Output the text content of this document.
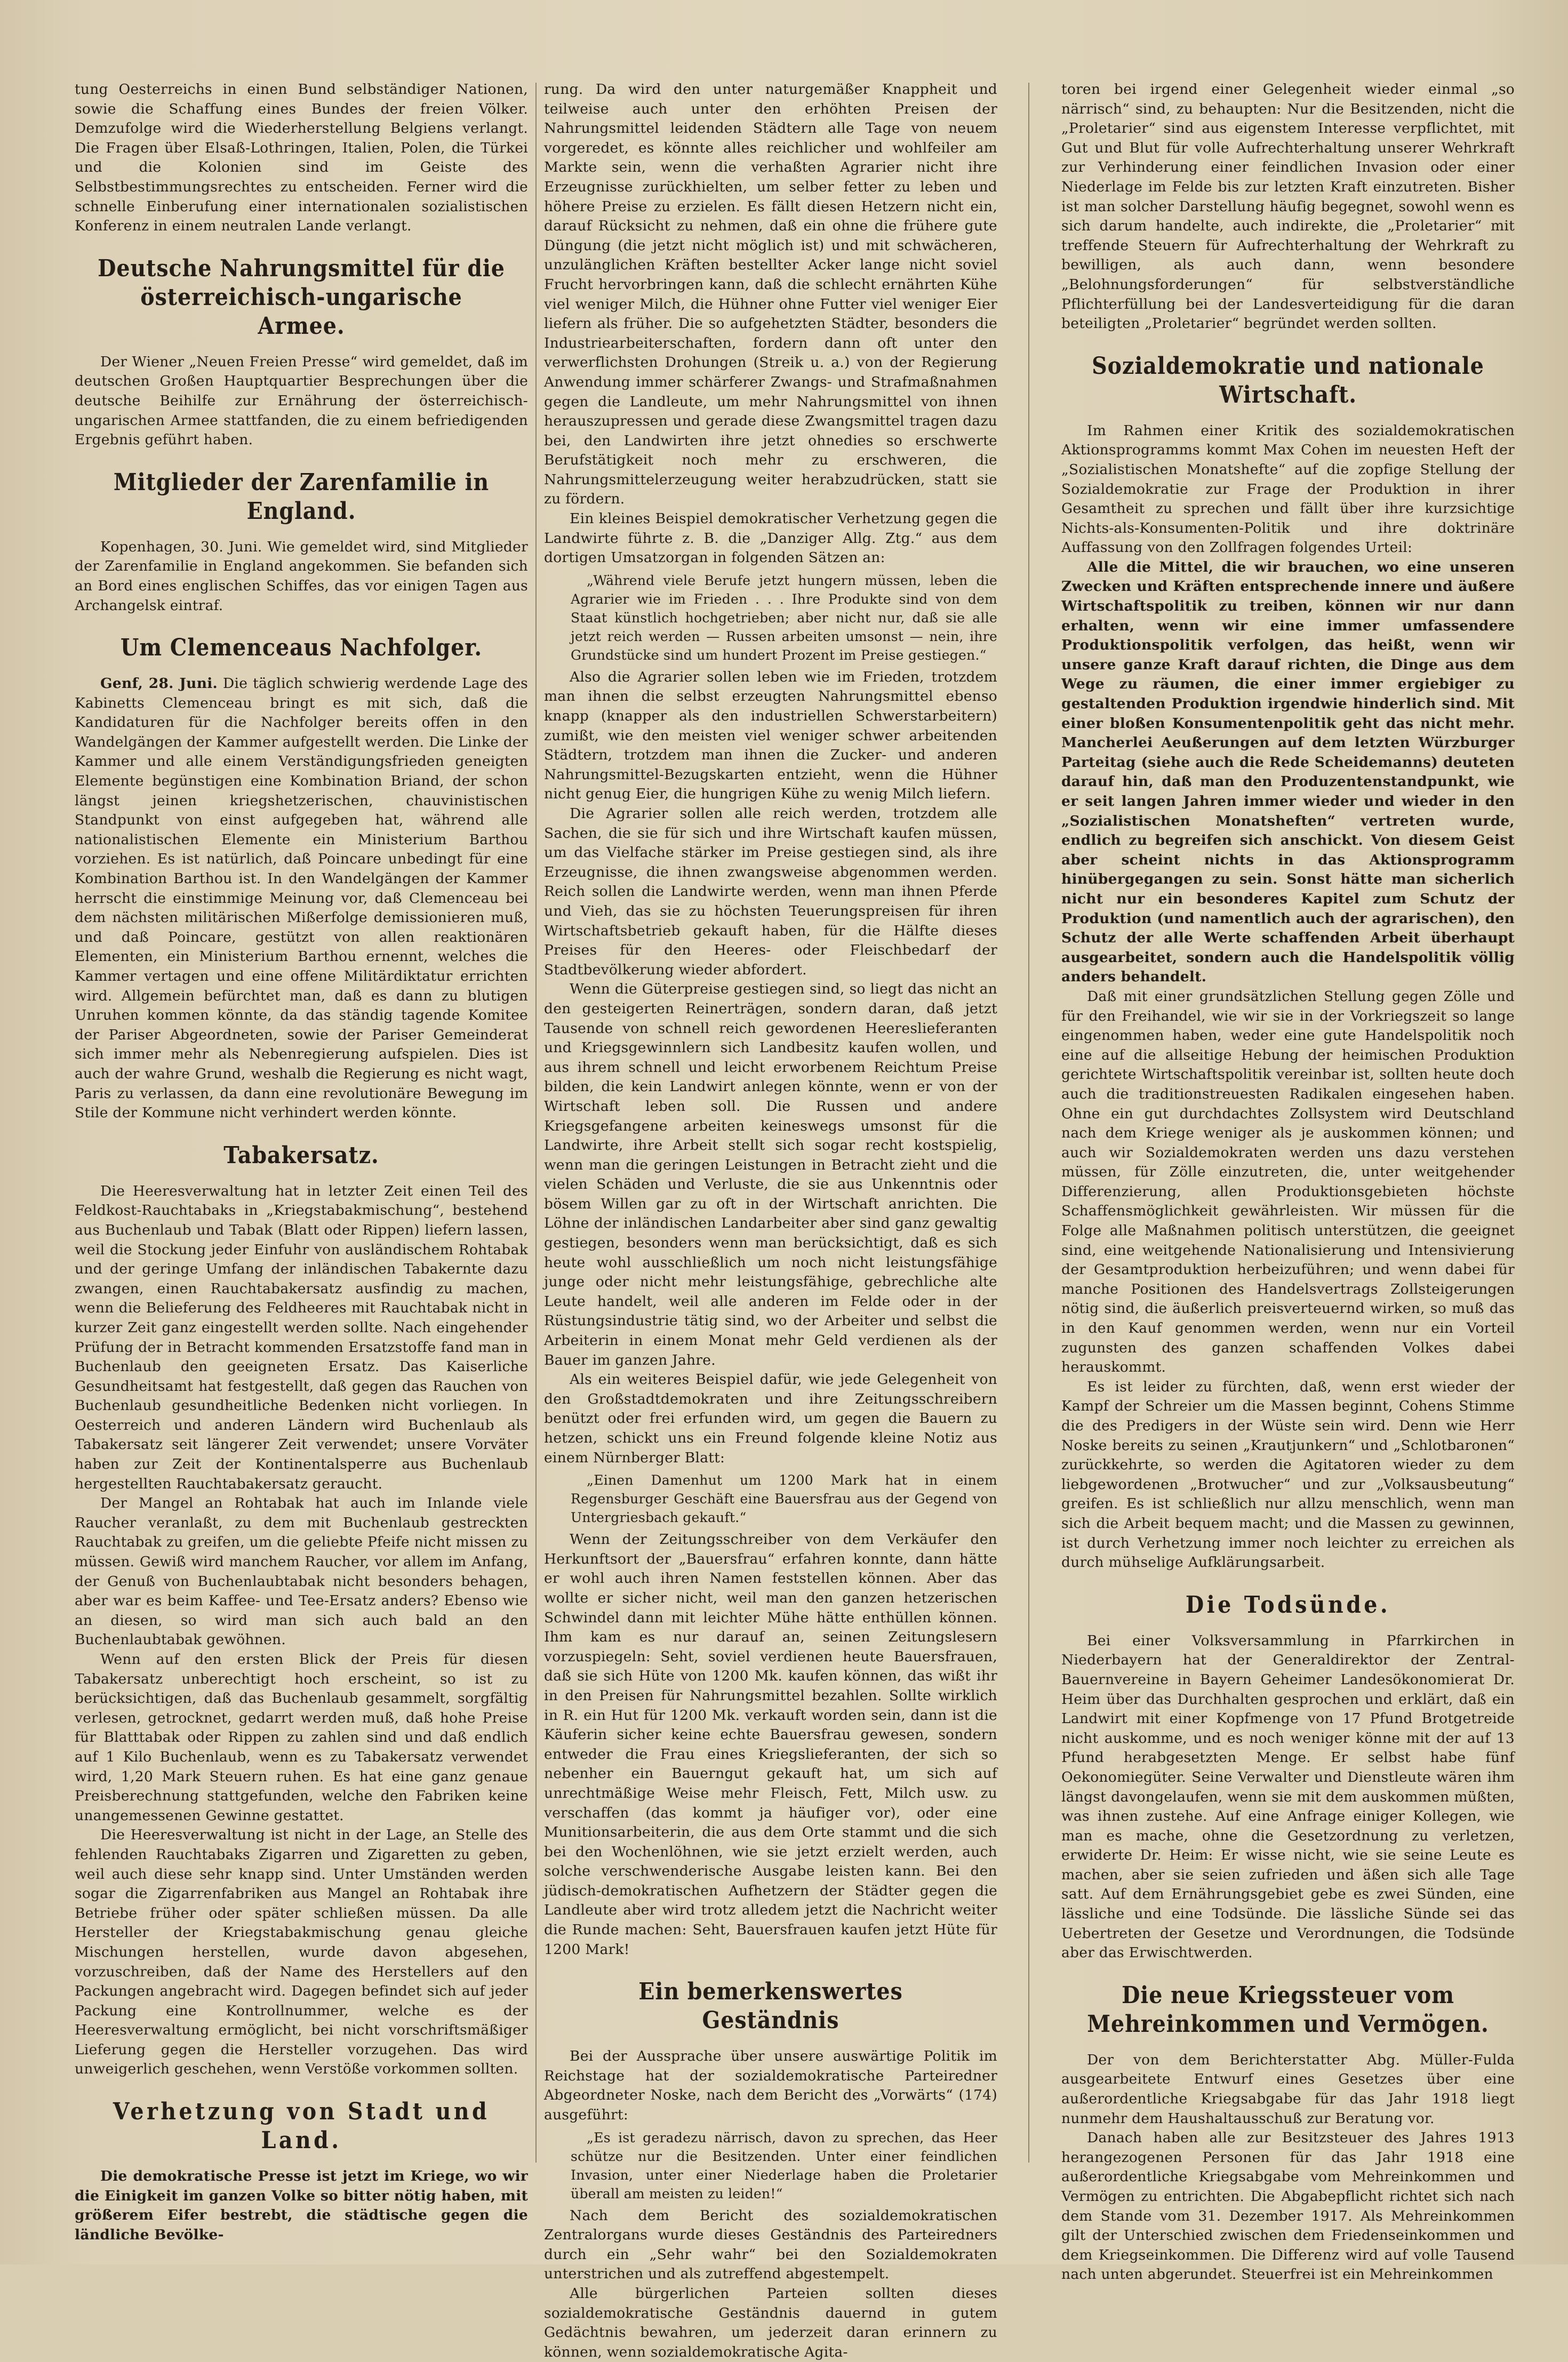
tung Oesterreichs in einen Bund selbständiger Nationen, sowie die Schaffung eines Bundes der freien Völker. Demzufolge wird die Wiederherstellung Belgiens verlangt. Die Fragen über Elsaß-Lothringen, Italien, Polen, die Türkei und die Kolonien sind im Geiste des Selbstbestimmungsrechtes zu entscheiden. Ferner wird die schnelle Einberufung einer internationalen sozialistischen Konferenz in einem neutralen Lande verlangt.

Deutsche Nahrungsmittel für die österreichisch-ungarische Armee.

Der Wiener „Neuen Freien Presse“ wird gemeldet, daß im deutschen Großen Hauptquartier Besprechungen über die deutsche Beihilfe zur Ernährung der österreichisch-ungarischen Armee stattfanden, die zu einem befriedigenden Ergebnis geführt haben.

Mitglieder der Zarenfamilie in England.

Kopenhagen, 30. Juni. Wie gemeldet wird, sind Mitglieder der Zarenfamilie in England angekommen. Sie befanden sich an Bord eines englischen Schiffes, das vor einigen Tagen aus Archangelsk eintraf.

Um Clemenceaus Nachfolger.

Genf, 28. Juni. Die täglich schwierig werdende Lage des Kabinetts Clemenceau bringt es mit sich, daß die Kandidaturen für die Nachfolger bereits offen in den Wandelgängen der Kammer aufgestellt werden. Die Linke der Kammer und alle einem Verständigungsfrieden geneigten Elemente begünstigen eine Kombination Briand, der schon längst jeinen kriegshetzerischen, chauvinistischen Standpunkt von einst aufgegeben hat, während alle nationalistischen Elemente ein Ministerium Barthou vorziehen. Es ist natürlich, daß Poincare unbedingt für eine Kombination Barthou ist. In den Wandelgängen der Kammer herrscht die einstimmige Meinung vor, daß Clemenceau bei dem nächsten militärischen Mißerfolge demissionieren muß, und daß Poincare, gestützt von allen reaktionären Elementen, ein Ministerium Barthou ernennt, welches die Kammer vertagen und eine offene Militärdiktatur errichten wird. Allgemein befürchtet man, daß es dann zu blutigen Unruhen kommen könnte, da das ständig tagende Komitee der Pariser Abgeordneten, sowie der Pariser Gemeinderat sich immer mehr als Nebenregierung aufspielen. Dies ist auch der wahre Grund, weshalb die Regierung es nicht wagt, Paris zu verlassen, da dann eine revolutionäre Bewegung im Stile der Kommune nicht verhindert werden könnte.

Tabakersatz.

Die Heeresverwaltung hat in letzter Zeit einen Teil des Feldkost-Rauchtabaks in „Kriegstabakmischung“, bestehend aus Buchenlaub und Tabak (Blatt oder Rippen) liefern lassen, weil die Stockung jeder Einfuhr von ausländischem Rohtabak und der geringe Umfang der inländischen Tabakernte dazu zwangen, einen Rauchtabakersatz ausfindig zu machen, wenn die Belieferung des Feldheeres mit Rauchtabak nicht in kurzer Zeit ganz eingestellt werden sollte. Nach eingehender Prüfung der in Betracht kommenden Ersatzstoffe fand man in Buchenlaub den geeigneten Ersatz. Das Kaiserliche Gesundheitsamt hat festgestellt, daß gegen das Rauchen von Buchenlaub gesundheitliche Bedenken nicht vorliegen. In Oesterreich und anderen Ländern wird Buchenlaub als Tabakersatz seit längerer Zeit verwendet; unsere Vorväter haben zur Zeit der Kontinentalsperre aus Buchenlaub hergestellten Rauchtabakersatz geraucht.

Der Mangel an Rohtabak hat auch im Inlande viele Raucher veranlaßt, zu dem mit Buchenlaub gestreckten Rauchtabak zu greifen, um die geliebte Pfeife nicht missen zu müssen. Gewiß wird manchem Raucher, vor allem im Anfang, der Genuß von Buchenlaubtabak nicht besonders behagen, aber war es beim Kaffee- und Tee-Ersatz anders? Ebenso wie an diesen, so wird man sich auch bald an den Buchenlaubtabak gewöhnen.

Wenn auf den ersten Blick der Preis für diesen Tabakersatz unberechtigt hoch erscheint, so ist zu berücksichtigen, daß das Buchenlaub gesammelt, sorgfältig verlesen, getrocknet, gedarrt werden muß, daß hohe Preise für Blatttabak oder Rippen zu zahlen sind und daß endlich auf 1 Kilo Buchenlaub, wenn es zu Tabakersatz verwendet wird, 1,20 Mark Steuern ruhen. Es hat eine ganz genaue Preisberechnung stattgefunden, welche den Fabriken keine unangemessenen Gewinne gestattet.

Die Heeresverwaltung ist nicht in der Lage, an Stelle des fehlenden Rauchtabaks Zigarren und Zigaretten zu geben, weil auch diese sehr knapp sind. Unter Umständen werden sogar die Zigarrenfabriken aus Mangel an Rohtabak ihre Betriebe früher oder später schließen müssen. Da alle Hersteller der Kriegstabakmischung genau gleiche Mischungen herstellen, wurde davon abgesehen, vorzuschreiben, daß der Name des Herstellers auf den Packungen angebracht wird. Dagegen befindet sich auf jeder Packung eine Kontrollnummer, welche es der Heeresverwaltung ermöglicht, bei nicht vorschriftsmäßiger Lieferung gegen die Hersteller vorzugehen. Das wird unweigerlich geschehen, wenn Verstöße vorkommen sollten.

Verhetzung von Stadt und Land.

Die demokratische Presse ist jetzt im Kriege, wo wir die Einigkeit im ganzen Volke so bitter nötig haben, mit größerem Eifer bestrebt, die städtische gegen die ländliche Bevölke-

rung. Da wird den unter naturgemäßer Knappheit und teilweise auch unter den erhöhten Preisen der Nahrungsmittel leidenden Städtern alle Tage von neuem vorgeredet, es könnte alles reichlicher und wohlfeiler am Markte sein, wenn die verhaßten Agrarier nicht ihre Erzeugnisse zurückhielten, um selber fetter zu leben und höhere Preise zu erzielen. Es fällt diesen Hetzern nicht ein, darauf Rücksicht zu nehmen, daß ein ohne die frühere gute Düngung (die jetzt nicht möglich ist) und mit schwächeren, unzulänglichen Kräften bestellter Acker lange nicht soviel Frucht hervorbringen kann, daß die schlecht ernährten Kühe viel weniger Milch, die Hühner ohne Futter viel weniger Eier liefern als früher. Die so aufgehetzten Städter, besonders die Industriearbeiterschaften, fordern dann oft unter den verwerflichsten Drohungen (Streik u. a.) von der Regierung Anwendung immer schärferer Zwangs- und Strafmaßnahmen gegen die Landleute, um mehr Nahrungsmittel von ihnen herauszupressen und gerade diese Zwangsmittel tragen dazu bei, den Landwirten ihre jetzt ohnedies so erschwerte Berufstätigkeit noch mehr zu erschweren, die Nahrungsmittelerzeugung weiter herabzudrücken, statt sie zu fördern.

Ein kleines Beispiel demokratischer Verhetzung gegen die Landwirte führte z. B. die „Danziger Allg. Ztg.“ aus dem dortigen Umsatzorgan in folgenden Sätzen an:

„Während viele Berufe jetzt hungern müssen, leben die Agrarier wie im Frieden . . . Ihre Produkte sind von dem Staat künstlich hochgetrieben; aber nicht nur, daß sie alle jetzt reich werden — Russen arbeiten umsonst — nein, ihre Grundstücke sind um hundert Prozent im Preise gestiegen.“

Also die Agrarier sollen leben wie im Frieden, trotzdem man ihnen die selbst erzeugten Nahrungsmittel ebenso knapp (knapper als den industriellen Schwerstarbeitern) zumißt, wie den meisten viel weniger schwer arbeitenden Städtern, trotzdem man ihnen die Zucker- und anderen Nahrungsmittel-Bezugskarten entzieht, wenn die Hühner nicht genug Eier, die hungrigen Kühe zu wenig Milch liefern.

Die Agrarier sollen alle reich werden, trotzdem alle Sachen, die sie für sich und ihre Wirtschaft kaufen müssen, um das Vielfache stärker im Preise gestiegen sind, als ihre Erzeugnisse, die ihnen zwangsweise abgenommen werden. Reich sollen die Landwirte werden, wenn man ihnen Pferde und Vieh, das sie zu höchsten Teuerungspreisen für ihren Wirtschaftsbetrieb gekauft haben, für die Hälfte dieses Preises für den Heeres- oder Fleischbedarf der Stadtbevölkerung wieder abfordert.

Wenn die Güterpreise gestiegen sind, so liegt das nicht an den gesteigerten Reinerträgen, sondern daran, daß jetzt Tausende von schnell reich gewordenen Heereslieferanten und Kriegsgewinnlern sich Landbesitz kaufen wollen, und aus ihrem schnell und leicht erworbenem Reichtum Preise bilden, die kein Landwirt anlegen könnte, wenn er von der Wirtschaft leben soll. Die Russen und andere Kriegsgefangene arbeiten keineswegs umsonst für die Landwirte, ihre Arbeit stellt sich sogar recht kostspielig, wenn man die geringen Leistungen in Betracht zieht und die vielen Schäden und Verluste, die sie aus Unkenntnis oder bösem Willen gar zu oft in der Wirtschaft anrichten. Die Löhne der inländischen Landarbeiter aber sind ganz gewaltig gestiegen, besonders wenn man berücksichtigt, daß es sich heute wohl ausschließlich um noch nicht leistungsfähige junge oder nicht mehr leistungsfähige, gebrechliche alte Leute handelt, weil alle anderen im Felde oder in der Rüstungsindustrie tätig sind, wo der Arbeiter und selbst die Arbeiterin in einem Monat mehr Geld verdienen als der Bauer im ganzen Jahre.

Als ein weiteres Beispiel dafür, wie jede Gelegenheit von den Großstadtdemokraten und ihre Zeitungsschreibern benützt oder frei erfunden wird, um gegen die Bauern zu hetzen, schickt uns ein Freund folgende kleine Notiz aus einem Nürnberger Blatt:

„Einen Damenhut um 1200 Mark hat in einem Regensburger Geschäft eine Bauersfrau aus der Gegend von Untergriesbach gekauft.“

Wenn der Zeitungsschreiber von dem Verkäufer den Herkunftsort der „Bauersfrau“ erfahren konnte, dann hätte er wohl auch ihren Namen feststellen können. Aber das wollte er sicher nicht, weil man den ganzen hetzerischen Schwindel dann mit leichter Mühe hätte enthüllen können. Ihm kam es nur darauf an, seinen Zeitungslesern vorzuspiegeln: Seht, soviel verdienen heute Bauersfrauen, daß sie sich Hüte von 1200 Mk. kaufen können, das wißt ihr in den Preisen für Nahrungsmittel bezahlen. Sollte wirklich in R. ein Hut für 1200 Mk. verkauft worden sein, dann ist die Käuferin sicher keine echte Bauersfrau gewesen, sondern entweder die Frau eines Kriegslieferanten, der sich so nebenher ein Bauerngut gekauft hat, um sich auf unrechtmäßige Weise mehr Fleisch, Fett, Milch usw. zu verschaffen (das kommt ja häufiger vor), oder eine Munitionsarbeiterin, die aus dem Orte stammt und die sich bei den Wochenlöhnen, wie sie jetzt erzielt werden, auch solche verschwenderische Ausgabe leisten kann. Bei den jüdisch-demokratischen Aufhetzern der Städter gegen die Landleute aber wird trotz alledem jetzt die Nachricht weiter die Runde machen: Seht, Bauersfrauen kaufen jetzt Hüte für 1200 Mark!

Ein bemerkenswertes Geständnis

Bei der Aussprache über unsere auswärtige Politik im Reichstage hat der sozialdemokratische Parteiredner Abgeordneter Noske, nach dem Bericht des „Vorwärts“ (174) ausgeführt:

„Es ist geradezu närrisch, davon zu sprechen, das Heer schütze nur die Besitzenden. Unter einer feindlichen Invasion, unter einer Niederlage haben die Proletarier überall am meisten zu leiden!“

Nach dem Bericht des sozialdemokratischen Zentralorgans wurde dieses Geständnis des Parteiredners durch ein „Sehr wahr“ bei den Sozialdemokraten unterstrichen und als zutreffend abgestempelt.

Alle bürgerlichen Parteien sollten dieses sozialdemokratische Geständnis dauernd in gutem Gedächtnis bewahren, um jederzeit daran erinnern zu können, wenn sozialdemokratische Agita-

toren bei irgend einer Gelegenheit wieder einmal „so närrisch“ sind, zu behaupten: Nur die Besitzenden, nicht die „Proletarier“ sind aus eigenstem Interesse verpflichtet, mit Gut und Blut für volle Aufrechterhaltung unserer Wehrkraft zur Verhinderung einer feindlichen Invasion oder einer Niederlage im Felde bis zur letzten Kraft einzutreten. Bisher ist man solcher Darstellung häufig begegnet, sowohl wenn es sich darum handelte, auch indirekte, die „Proletarier“ mit treffende Steuern für Aufrechterhaltung der Wehrkraft zu bewilligen, als auch dann, wenn besondere „Belohnungsforderungen“ für selbstverständliche Pflichterfüllung bei der Landesverteidigung für die daran beteiligten „Proletarier“ begründet werden sollten.

Sozialdemokratie und nationale Wirtschaft.

Im Rahmen einer Kritik des sozialdemokratischen Aktionsprogramms kommt Max Cohen im neuesten Heft der „Sozialistischen Monatshefte“ auf die zopfige Stellung der Sozialdemokratie zur Frage der Produktion in ihrer Gesamtheit zu sprechen und fällt über ihre kurzsichtige Nichts-als-Konsumenten-Politik und ihre doktrinäre Auffassung von den Zollfragen folgendes Urteil:

Alle die Mittel, die wir brauchen, wo eine unseren Zwecken und Kräften entsprechende innere und äußere Wirtschaftspolitik zu treiben, können wir nur dann erhalten, wenn wir eine immer umfassendere Produktionspolitik verfolgen, das heißt, wenn wir unsere ganze Kraft darauf richten, die Dinge aus dem Wege zu räumen, die einer immer ergiebiger zu gestaltenden Produktion irgendwie hinderlich sind. Mit einer bloßen Konsumentenpolitik geht das nicht mehr. Mancherlei Aeußerungen auf dem letzten Würzburger Parteitag (siehe auch die Rede Scheidemanns) deuteten darauf hin, daß man den Produzentenstandpunkt, wie er seit langen Jahren immer wieder und wieder in den „Sozialistischen Monatsheften“ vertreten wurde, endlich zu begreifen sich anschickt. Von diesem Geist aber scheint nichts in das Aktionsprogramm hinübergegangen zu sein. Sonst hätte man sicherlich nicht nur ein besonderes Kapitel zum Schutz der Produktion (und namentlich auch der agrarischen), den Schutz der alle Werte schaffenden Arbeit überhaupt ausgearbeitet, sondern auch die Handelspolitik völlig anders behandelt.

Daß mit einer grundsätzlichen Stellung gegen Zölle und für den Freihandel, wie wir sie in der Vorkriegszeit so lange eingenommen haben, weder eine gute Handelspolitik noch eine auf die allseitige Hebung der heimischen Produktion gerichtete Wirtschaftspolitik vereinbar ist, sollten heute doch auch die traditionstreuesten Radikalen eingesehen haben. Ohne ein gut durchdachtes Zollsystem wird Deutschland nach dem Kriege weniger als je auskommen können; und auch wir Sozialdemokraten werden uns dazu verstehen müssen, für Zölle einzutreten, die, unter weitgehender Differenzierung, allen Produktionsgebieten höchste Schaffensmöglichkeit gewährleisten. Wir müssen für die Folge alle Maßnahmen politisch unterstützen, die geeignet sind, eine weitgehende Nationalisierung und Intensivierung der Gesamtproduktion herbeizuführen; und wenn dabei für manche Positionen des Handelsvertrags Zollsteigerungen nötig sind, die äußerlich preisverteuernd wirken, so muß das in den Kauf genommen werden, wenn nur ein Vorteil zugunsten des ganzen schaffenden Volkes dabei herauskommt.

Es ist leider zu fürchten, daß, wenn erst wieder der Kampf der Schreier um die Massen beginnt, Cohens Stimme die des Predigers in der Wüste sein wird. Denn wie Herr Noske bereits zu seinen „Krautjunkern“ und „Schlotbaronen“ zurückkehrte, so werden die Agitatoren wieder zu dem liebgewordenen „Brotwucher“ und zur „Volksausbeutung“ greifen. Es ist schließlich nur allzu menschlich, wenn man sich die Arbeit bequem macht; und die Massen zu gewinnen, ist durch Verhetzung immer noch leichter zu erreichen als durch mühselige Aufklärungsarbeit.

Die Todsünde.

Bei einer Volksversammlung in Pfarrkirchen in Niederbayern hat der Generaldirektor der Zentral-Bauernvereine in Bayern Geheimer Landesökonomierat Dr. Heim über das Durchhalten gesprochen und erklärt, daß ein Landwirt mit einer Kopfmenge von 17 Pfund Brotgetreide nicht auskomme, und es noch weniger könne mit der auf 13 Pfund herabgesetzten Menge. Er selbst habe fünf Oekonomiegüter. Seine Verwalter und Dienstleute wären ihm längst davongelaufen, wenn sie mit dem auskommen müßten, was ihnen zustehe. Auf eine Anfrage einiger Kollegen, wie man es mache, ohne die Gesetzordnung zu verletzen, erwiderte Dr. Heim: Er wisse nicht, wie sie seine Leute es machen, aber sie seien zufrieden und äßen sich alle Tage satt. Auf dem Ernährungsgebiet gebe es zwei Sünden, eine lässliche und eine Todsünde. Die lässliche Sünde sei das Uebertreten der Gesetze und Verordnungen, die Todsünde aber das Erwischtwerden.

Die neue Kriegssteuer vom Mehreinkommen und Vermögen.

Der von dem Berichterstatter Abg. Müller-Fulda ausgearbeitete Entwurf eines Gesetzes über eine außerordentliche Kriegsabgabe für das Jahr 1918 liegt nunmehr dem Haushaltausschuß zur Beratung vor.

Danach haben alle zur Besitzsteuer des Jahres 1913 herangezogenen Personen für das Jahr 1918 eine außerordentliche Kriegsabgabe vom Mehreinkommen und Vermögen zu entrichten. Die Abgabepflicht richtet sich nach dem Stande vom 31. Dezember 1917. Als Mehreinkommen gilt der Unterschied zwischen dem Friedenseinkommen und dem Kriegseinkommen. Die Differenz wird auf volle Tausend nach unten abgerundet. Steuerfrei ist ein Mehreinkommen
